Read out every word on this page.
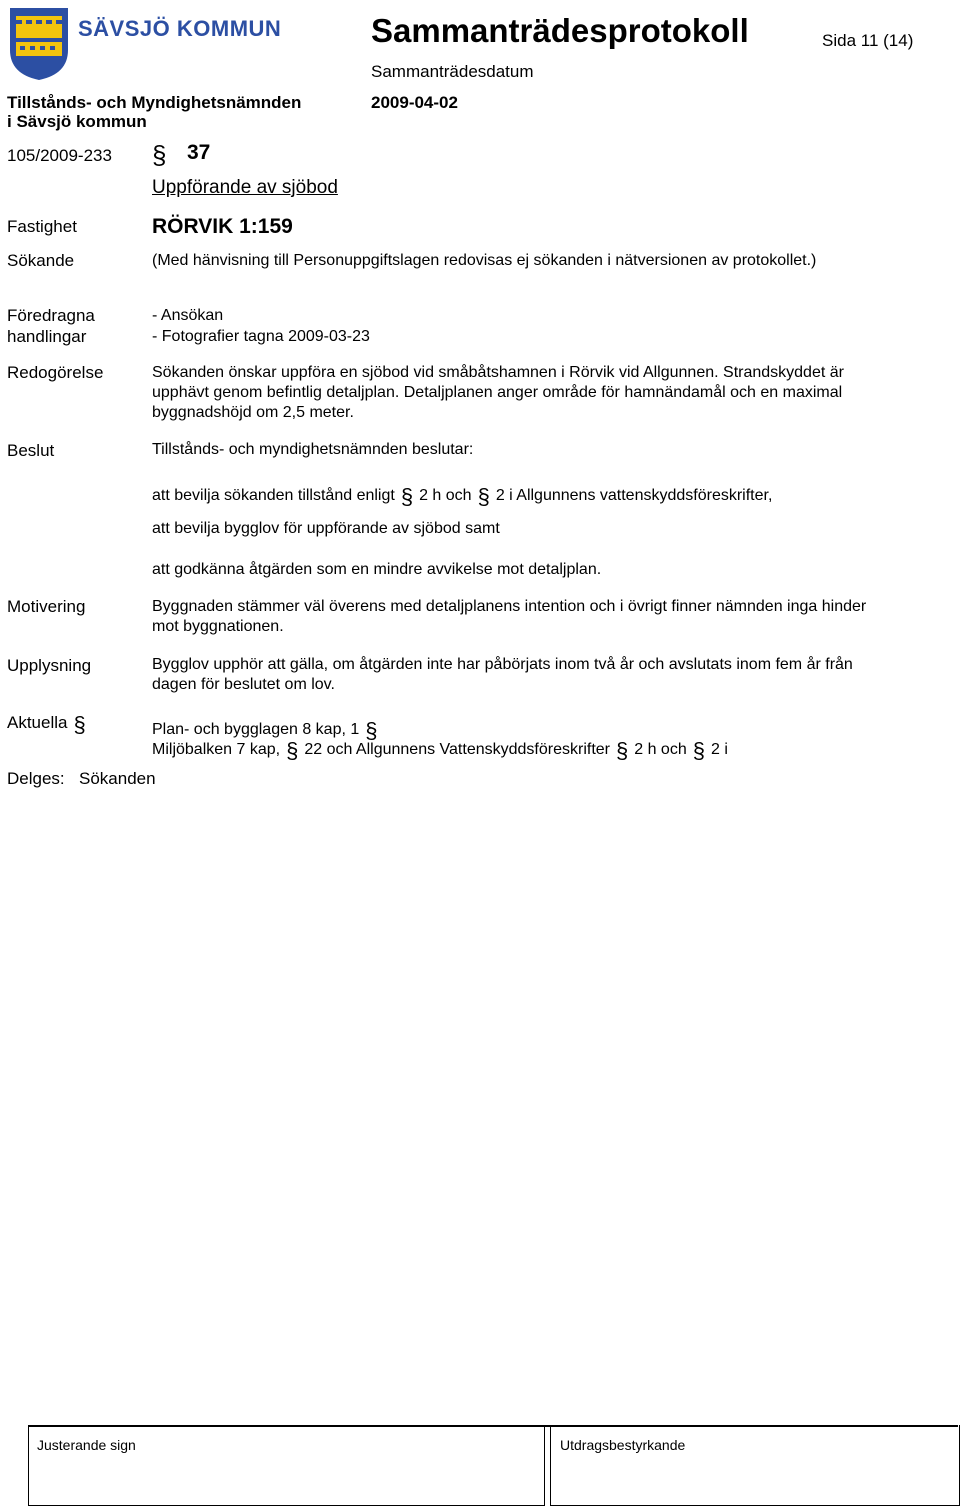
SÄVSJÖ KOMMUN	Sammanträdesprotokoll	Sida 11 (14)
Sammanträdesdatum
2009-04-02
Tillstånds- och Myndighetsnämnden
i Sävsjö kommun
105/2009-233 § 37
Uppförande av sjöbod
Fastighet	RÖRVIK 1:159
Sökande	(Med hänvisning till Personuppgiftslagen redovisas ej sökanden i nätversionen av protokollet.)
Föredragna
handlingar
- Ansökan
- Fotografier tagna 2009-03-23
Redogörelse	Sökanden önskar uppföra en sjöbod vid småbåtshamnen i Rörvik vid Allgunnen. Strandskyddet är
upphävt genom befintlig detaljplan. Detaljplanen anger område för hamnändamål och en maximal
byggnadshöjd om 2,5 meter.
Beslut	Tillstånds- och myndighetsnämnden beslutar:
att bevilja sökanden tillstånd enligt § 2 h och § 2 i Allgunnens vattenskyddsföreskrifter,
att bevilja bygglov för uppförande av sjöbod samt
att godkänna åtgärden som en mindre avvikelse mot detaljplan.
Motivering	Byggnaden stämmer väl överens med detaljplanens intention och i övrigt finner nämnden inga hinder
mot byggnationen.
Upplysning	Bygglov upphör att gälla, om åtgärden inte har påbörjats inom två år och avslutats inom fem år från
dagen för beslutet om lov.
Aktuella §	Plan- och bygglagen 8 kap, 1 §
Miljöbalken 7 kap, § 22 och Allgunnens Vattenskyddsföreskrifter § 2 h och § 2 i
Delges: Sökanden
Justerande sign	Utdragsbestyrkande
